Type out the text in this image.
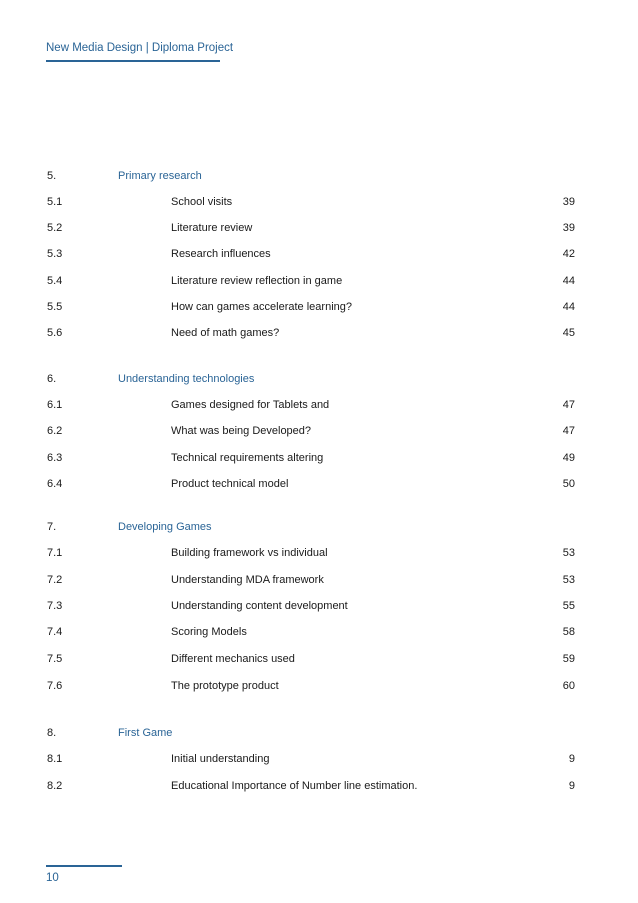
New Media Design | Diploma Project
5.	Primary research
5.1	School visits	39
5.2	Literature review	39
5.3	Research influences	42
5.4	Literature review reflection in game	44
5.5	How can games accelerate learning?	44
5.6	Need of math games?	45
6.	Understanding technologies
6.1	Games designed for Tablets and	47
6.2	What was being Developed?	47
6.3	Technical requirements altering	49
6.4	Product technical model	50
7.	Developing Games
7.1	Building framework vs individual	53
7.2	Understanding MDA framework	53
7.3	Understanding content development	55
7.4	Scoring Models	58
7.5	Different mechanics used	59
7.6	The prototype product	60
8.	First Game
8.1	Initial understanding	9
8.2	Educational Importance of Number line estimation.	9
10
